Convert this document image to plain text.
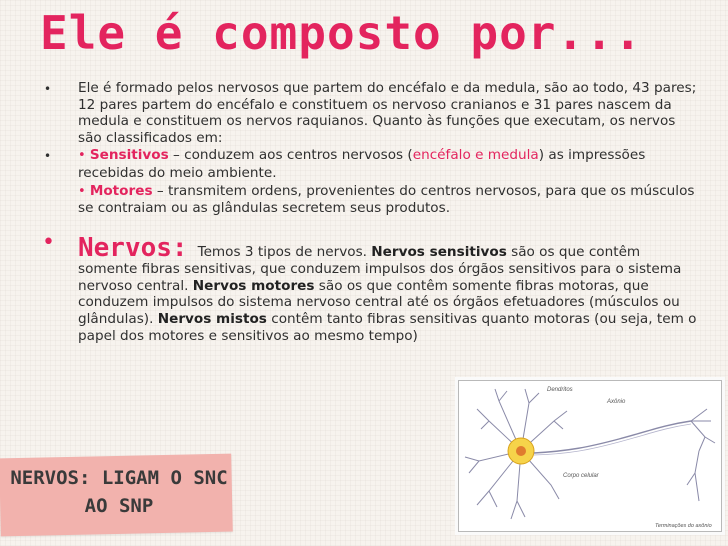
Ele é composto por...
• Ele é formado pelos nervosos que partem do encéfalo e da medula, são ao todo, 43 pares; 12 pares partem do encéfalo e constituem os nervoso cranianos e 31 pares nascem da medula e constituem os nervos raquianos. Quanto às funções que executam, os nervos são classificados em:

• • Sensitivos – conduzem aos centros nervosos (encéfalo e medula) as impressões recebidas do meio ambiente.

• Motores – transmitem ordens, provenientes do centros nervosos, para que os músculos se contraiam ou as glândulas secretem seus produtos.

• Nervos: Temos 3 tipos de nervos. Nervos sensitivos são os que contêm somente fibras sensitivas, que conduzem impulsos dos órgãos sensitivos para o sistema nervoso central. Nervos motores são os que contêm somente fibras motoras, que conduzem impulsos do sistema nervoso central até os órgãos efetuadores (músculos ou glândulas). Nervos mistos contêm tanto fibras sensitivas quanto motoras (ou seja, tem o papel dos motores e sensitivos ao mesmo tempo)

Dendritos
Axônio
Corpo celular
Terminações do axônio
NERVOS: LIGAM O SNC AO SNP
